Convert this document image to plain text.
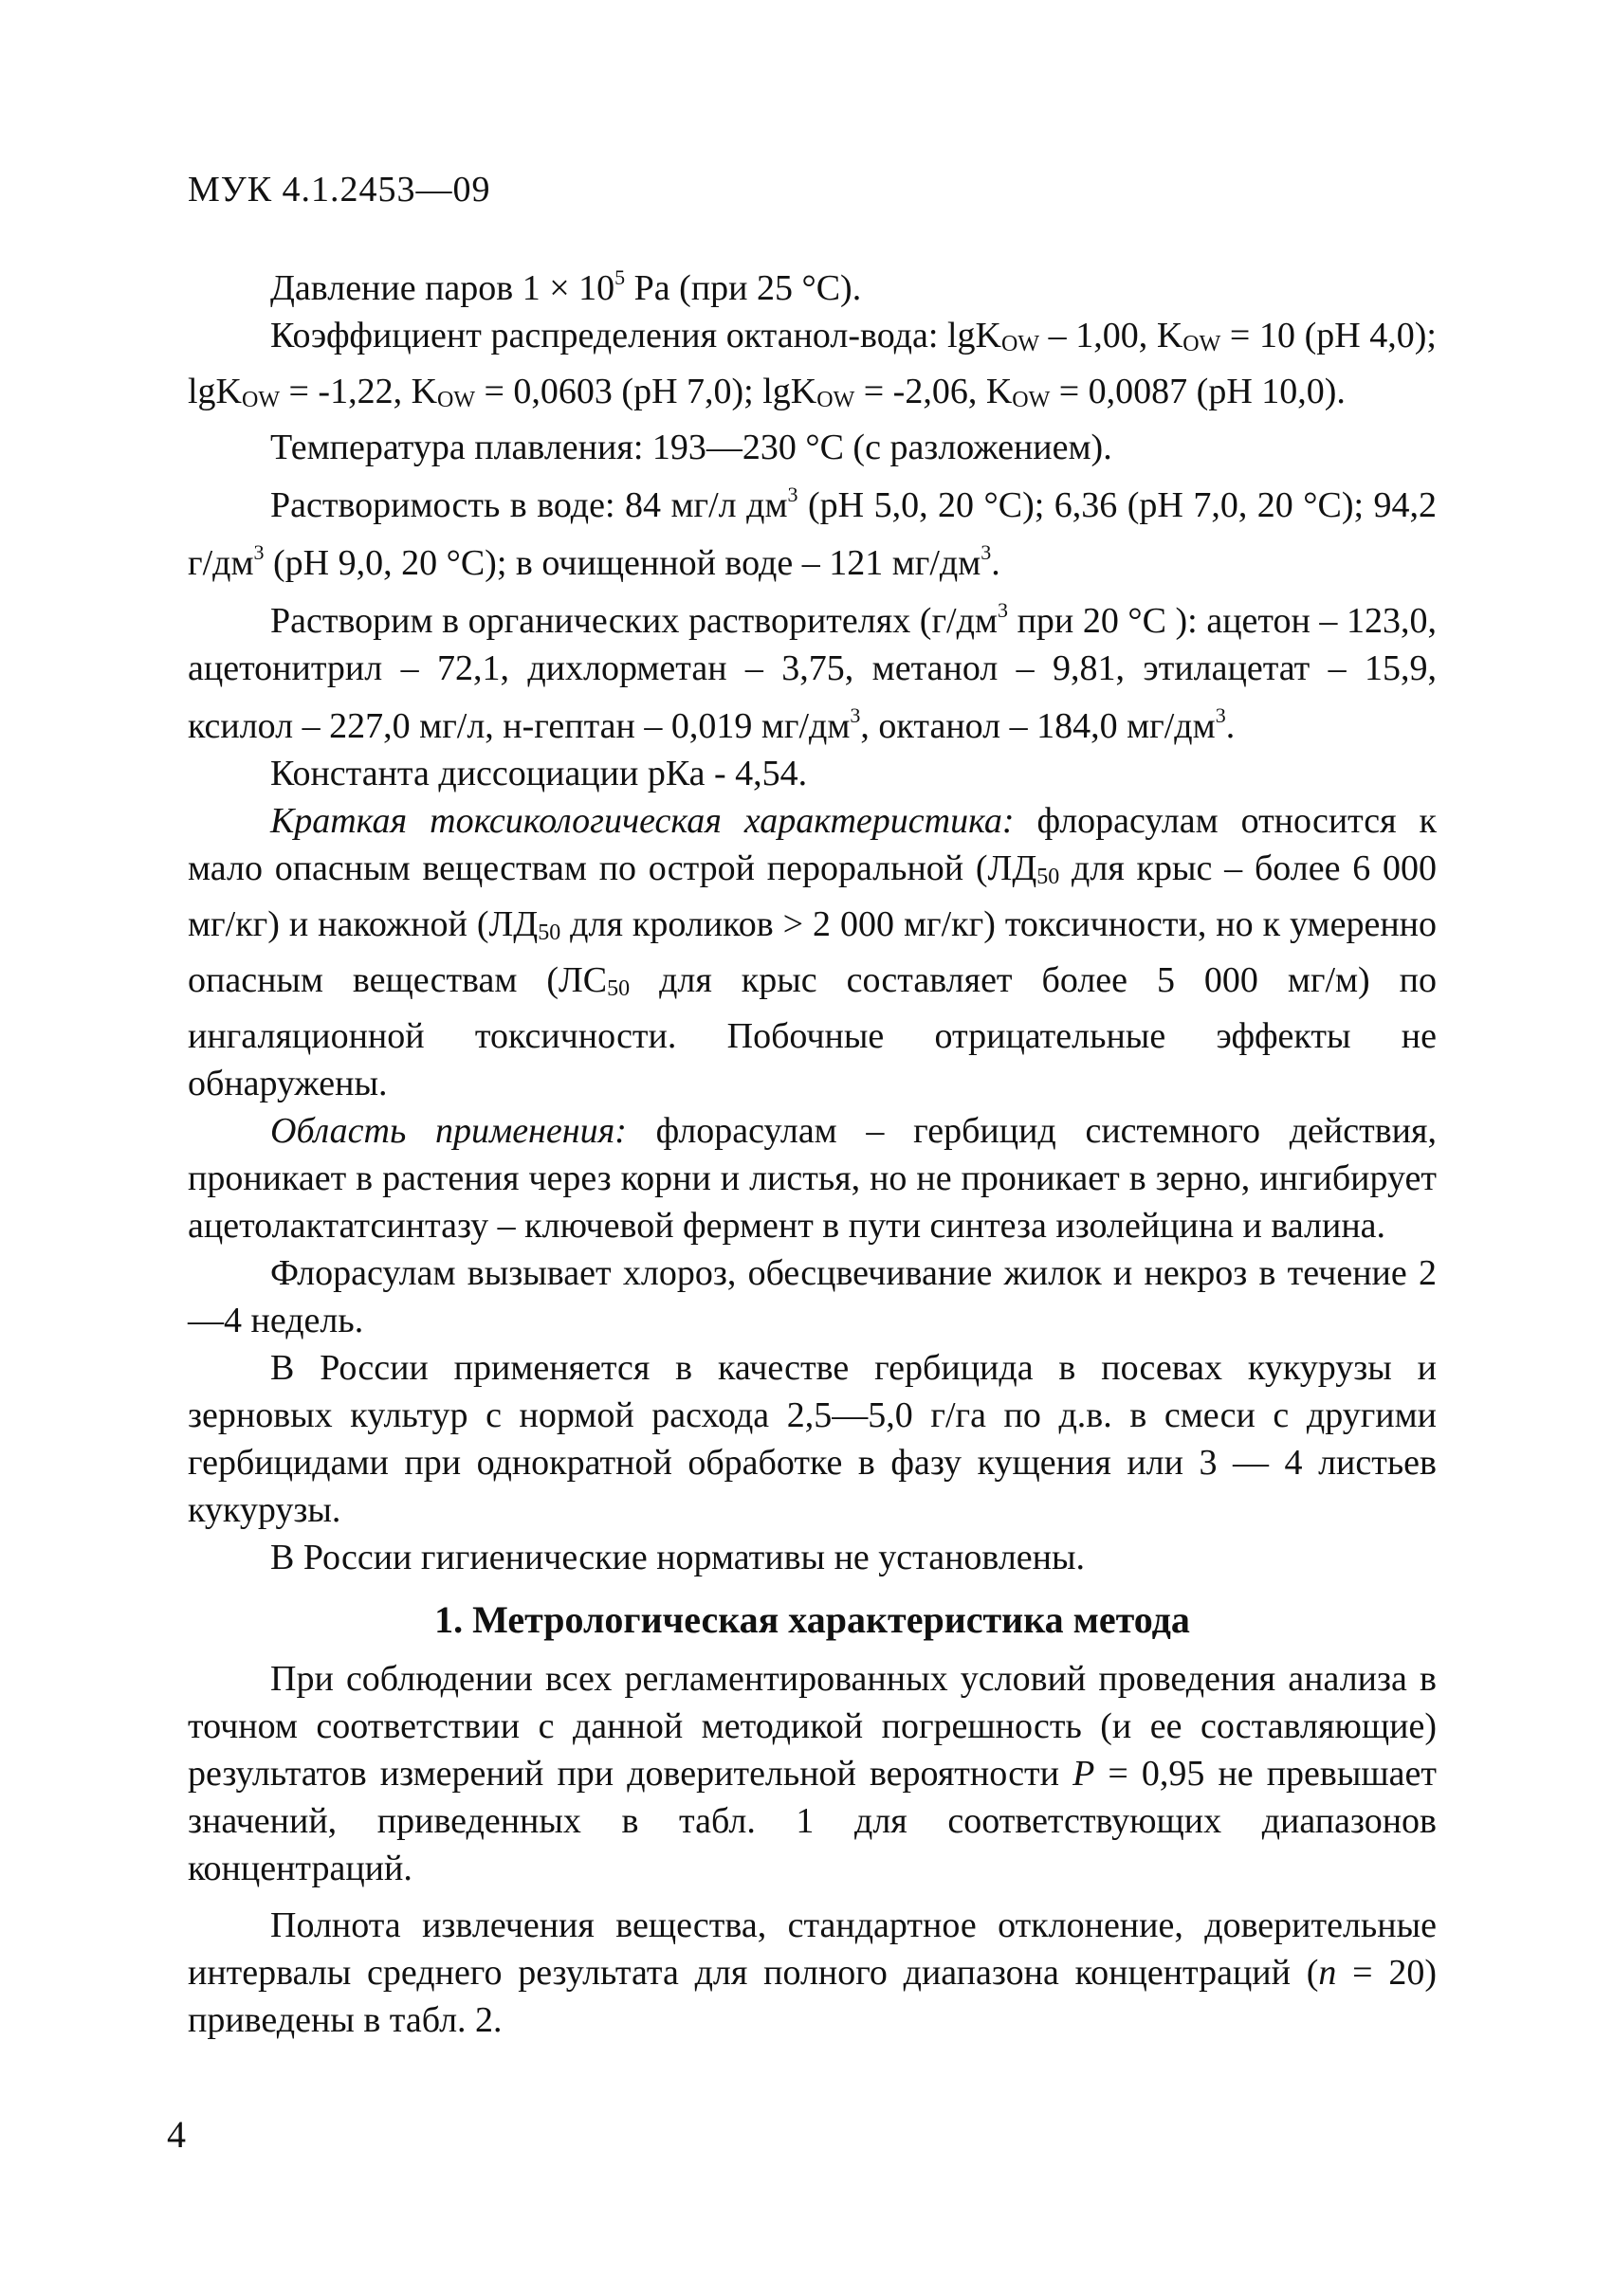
МУК 4.1.2453—09

Давление паров $1 \times 10^5$ Ра (при 25 °С).

Коэффициент распределения октанол-вода: lgKOW – 1,00, KOW = 10 (pH 4,0); lgKOW = -1,22, KOW = 0,0603 (pH 7,0); lgKOW = -2,06, KOW = 0,0087 (pH 10,0).

Температура плавления: 193—230 °С (с разложением).

Растворимость в воде: 84 мг/л $дм^3$ (рН 5,0, 20 °С); 6,36 (рН 7,0, 20 °С); 94,2 $г/дм^3$ (рН 9,0, 20 °С); в очищенной воде – 121 $мг/дм^3$.

Растворим в органических растворителях ($г/дм^3$ при 20 °С ): ацетон – 123,0, ацетонитрил – 72,1, дихлорметан – 3,75, метанол – 9,81, этилацетат – 15,9, ксилол – 227,0 мг/л, н-гептан – 0,019 $мг/дм^3$, октанол – 184,0 $мг/дм^3$.

Константа диссоциации рКа - 4,54.

Краткая токсикологическая характеристика: флорасулам относится к мало опасным веществам по острой пероральной (ЛД50 для крыс – более 6 000 мг/кг) и накожной (ЛД50 для кроликов > 2 000 мг/кг) токсичности, но к умеренно опасным веществам (ЛС50 для крыс составляет более 5 000 мг/м) по ингаляционной токсичности. Побочные отрицательные эффекты не обнаружены.

Область применения: флорасулам – гербицид системного действия, проникает в растения через корни и листья, но не проникает в зерно, ингибирует ацетолактатсинтазу – ключевой фермент в пути синтеза изолейцина и валина.

Флорасулам вызывает хлороз, обесцвечивание жилок и некроз в течение 2—4 недель.

В России применяется в качестве гербицида в посевах кукурузы и зерновых культур с нормой расхода 2,5—5,0 г/га по д.в. в смеси с другими гербицидами при однократной обработке в фазу кущения или 3 — 4 листьев кукурузы.

В России гигиенические нормативы не установлены.

1. Метрологическая характеристика метода

При соблюдении всех регламентированных условий проведения анализа в точном соответствии с данной методикой погрешность (и ее составляющие) результатов измерений при доверительной вероятности P = 0,95 не превышает значений, приведенных в табл. 1 для соответствующих диапазонов концентраций.

Полнота извлечения вещества, стандартное отклонение, доверительные интервалы среднего результата для полного диапазона концентраций (n = 20) приведены в табл. 2.

4
